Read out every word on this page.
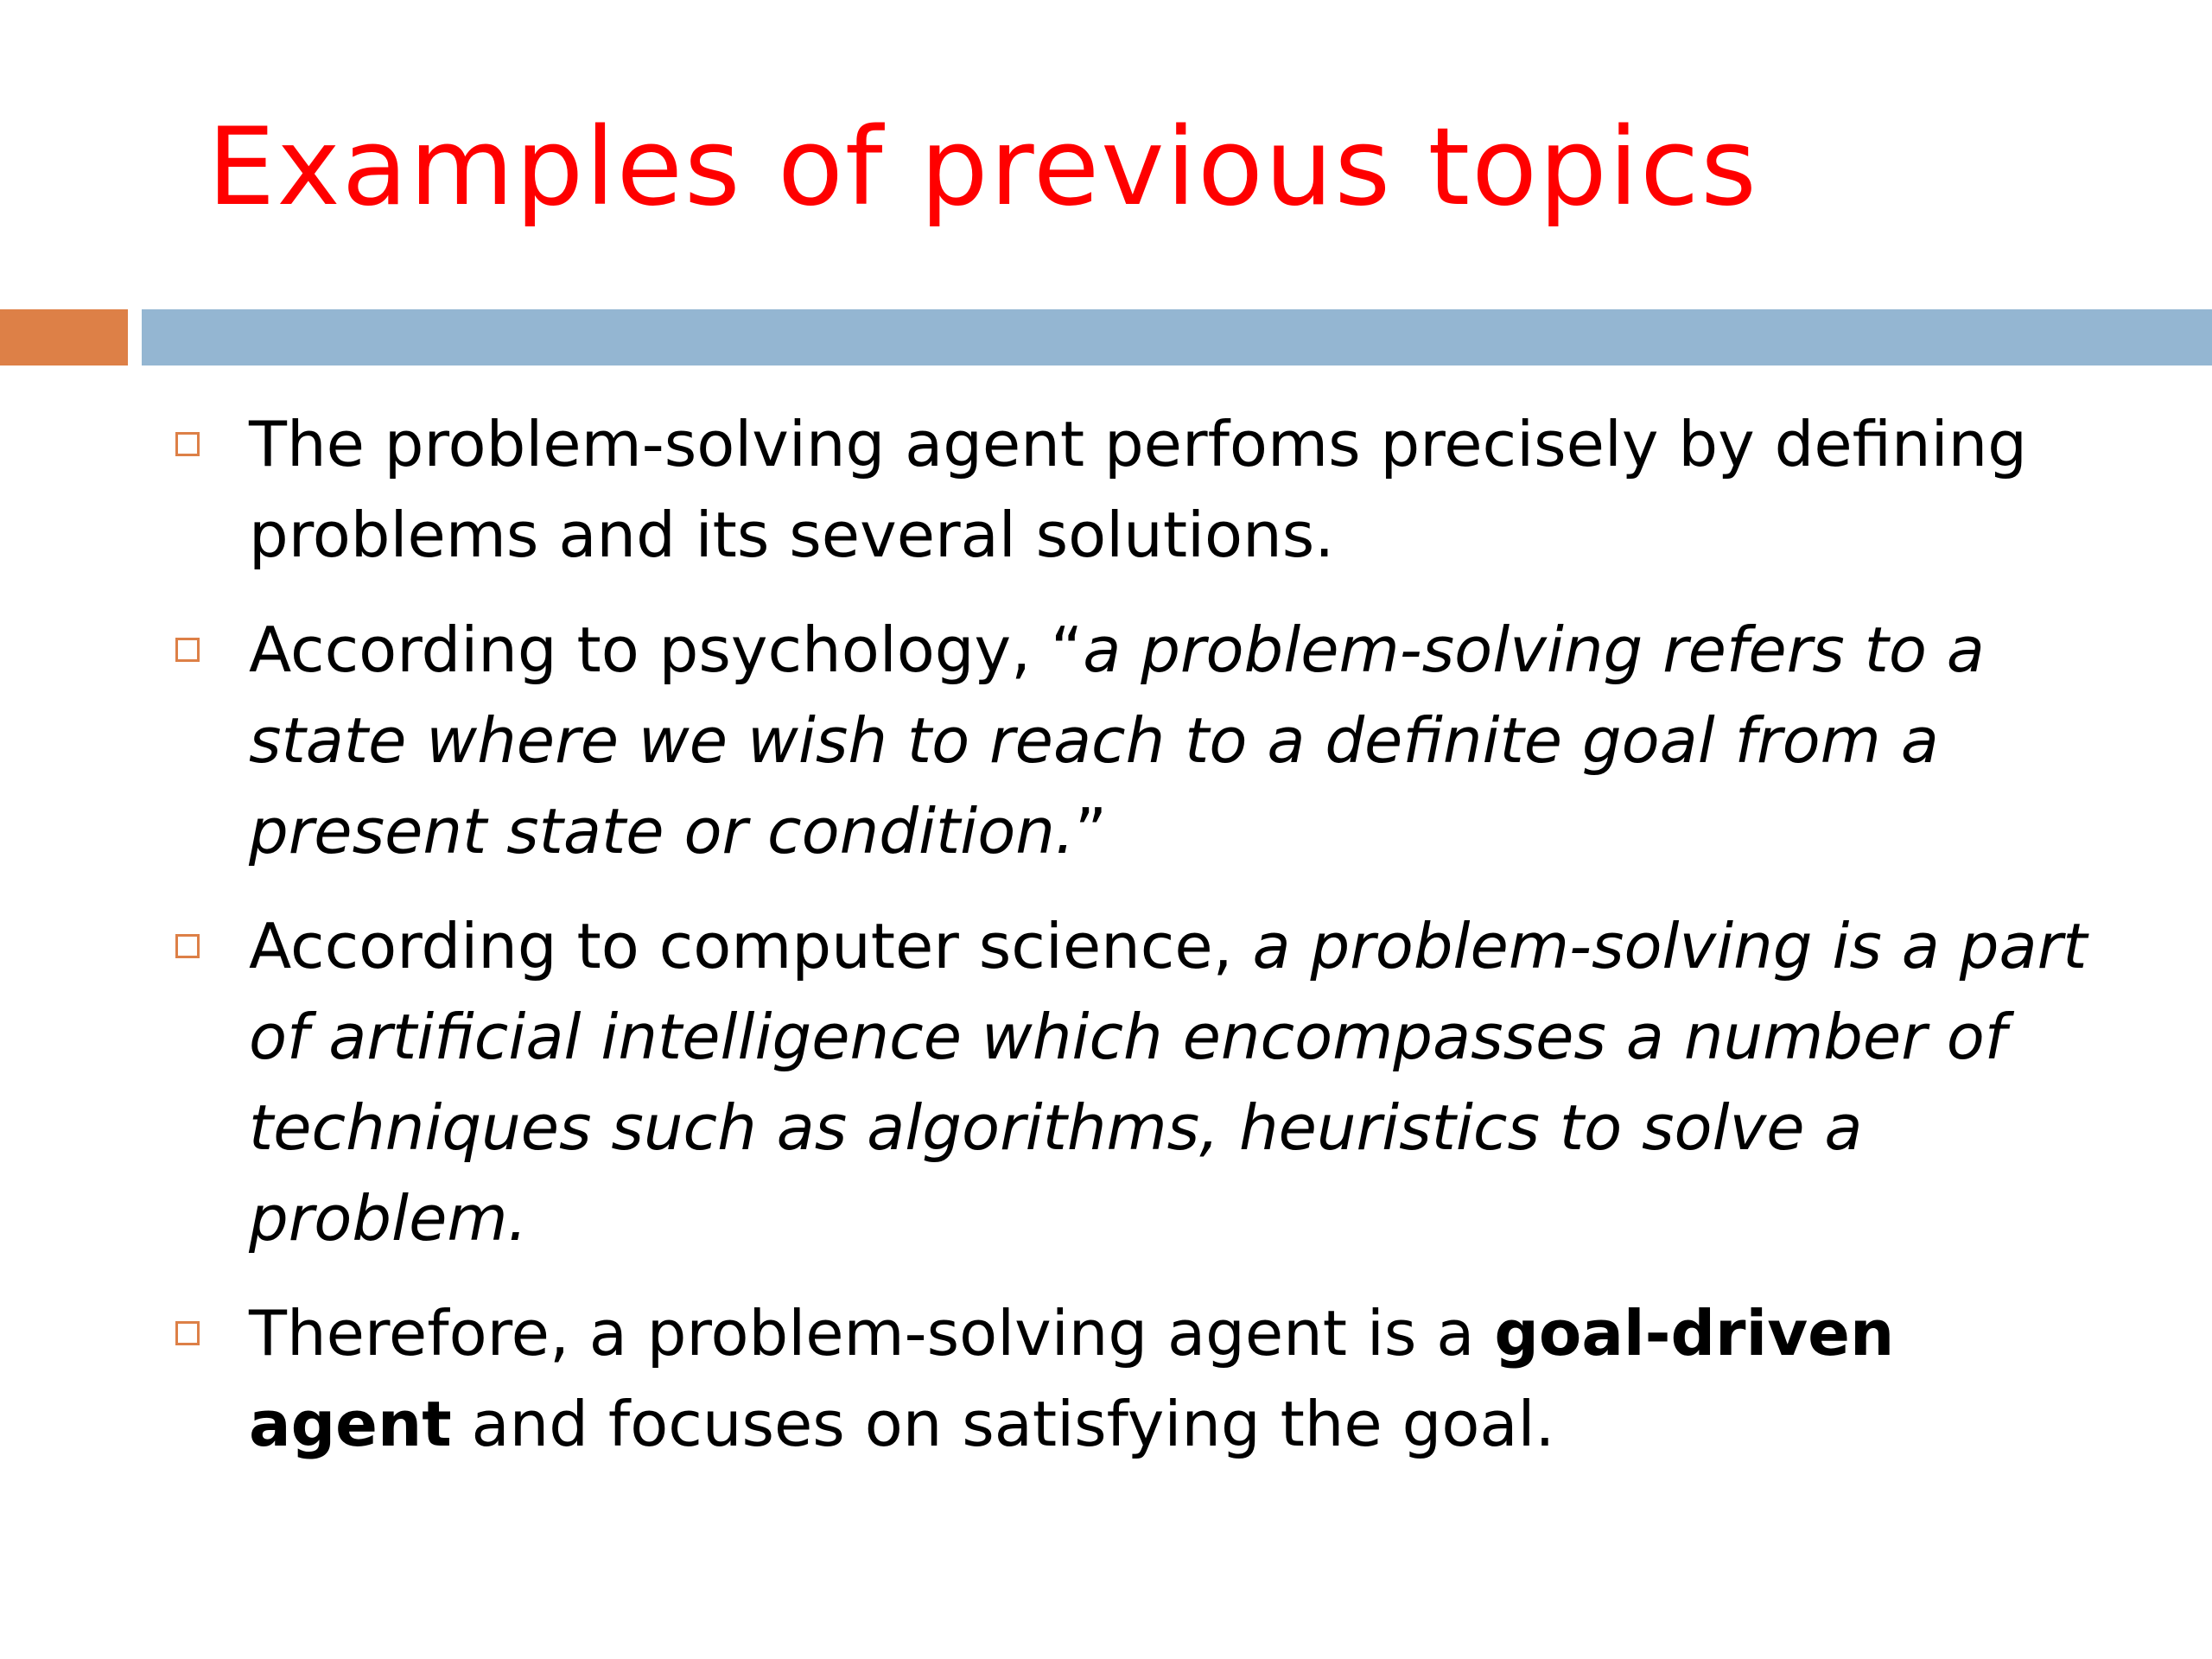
Examples of previous topics
The problem-solving agent perfoms precisely by defining problems and its several solutions.
According to psychology, “a problem-solving refers to a state where we wish to reach to a definite goal from a present state or condition.”
According to computer science, a problem-solving is a part of artificial intelligence which encompasses a number of techniques such as algorithms, heuristics to solve a problem.
Therefore, a problem-solving agent is a goal-driven agent and focuses on satisfying the goal.
